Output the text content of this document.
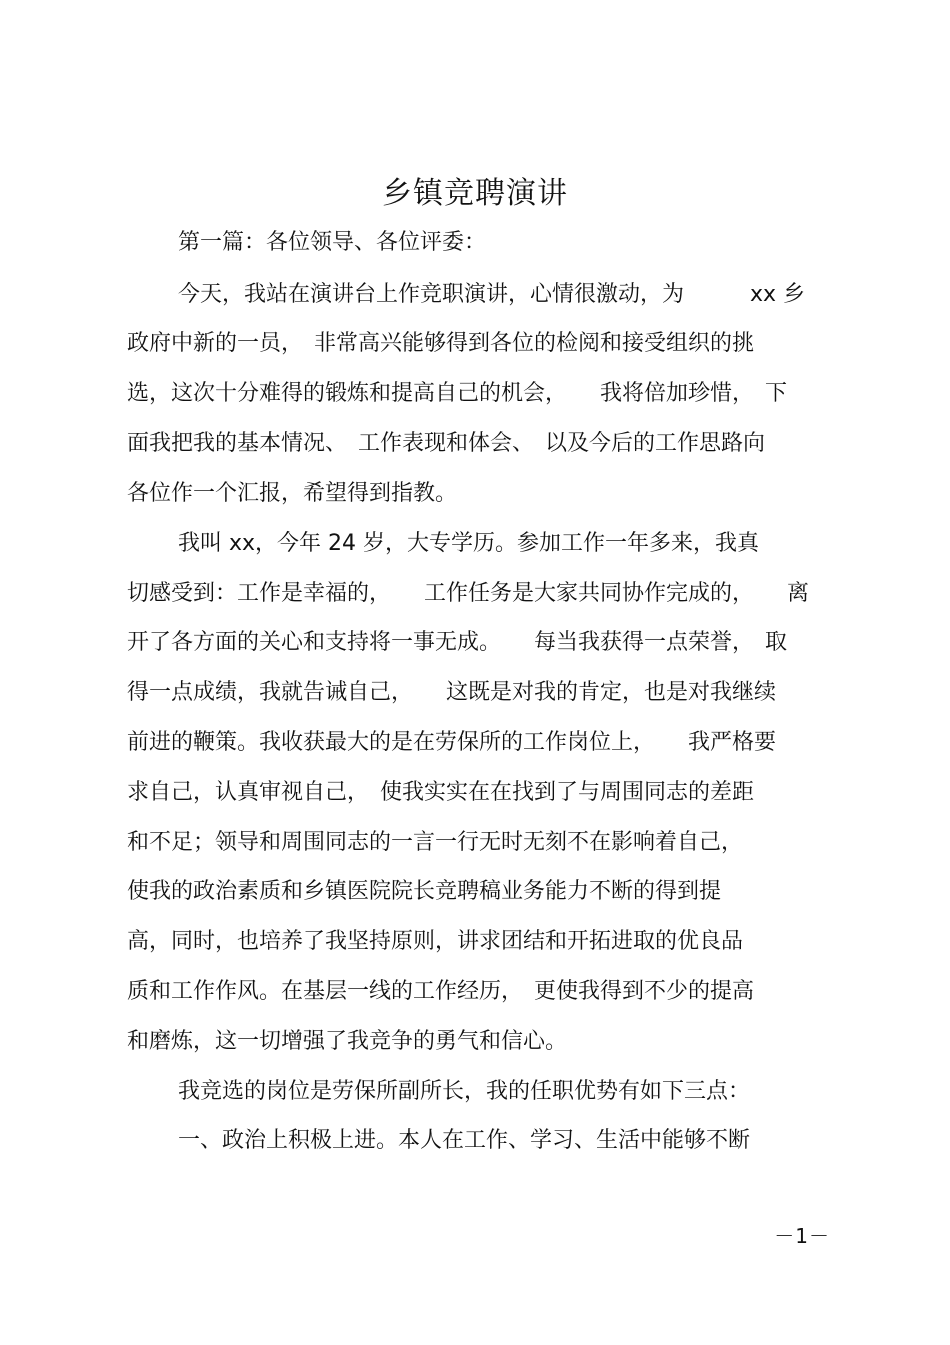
乡镇竞聘演讲

第一篇：各位领导、各位评委：

今天，我站在演讲台上作竞职演讲，心情很激动，为　　　xx 乡

政府中新的一员，　非常高兴能够得到各位的检阅和接受组织的挑

选，这次十分难得的锻炼和提高自己的机会，　　我将倍加珍惜，　下

面我把我的基本情况、　工作表现和体会、　以及今后的工作思路向

各位作一个汇报，希望得到指教。

我叫 xx，今年 24 岁，大专学历。参加工作一年多来，我真

切感受到：工作是幸福的，　　工作任务是大家共同协作完成的，　　离

开了各方面的关心和支持将一事无成。　　每当我获得一点荣誉，　取

得一点成绩，我就告诫自己，　　这既是对我的肯定，也是对我继续

前进的鞭策。我收获最大的是在劳保所的工作岗位上，　　我严格要

求自己，认真审视自己，　使我实实在在找到了与周围同志的差距

和不足；领导和周围同志的一言一行无时无刻不在影响着自己，

使我的政治素质和乡镇医院院长竞聘稿业务能力不断的得到提

高，同时，也培养了我坚持原则，讲求团结和开拓进取的优良品

质和工作作风。在基层一线的工作经历，　更使我得到不少的提高

和磨炼，这一切增强了我竞争的勇气和信心。

我竞选的岗位是劳保所副所长，我的任职优势有如下三点：

一、政治上积极上进。本人在工作、学习、生活中能够不断

－1－
